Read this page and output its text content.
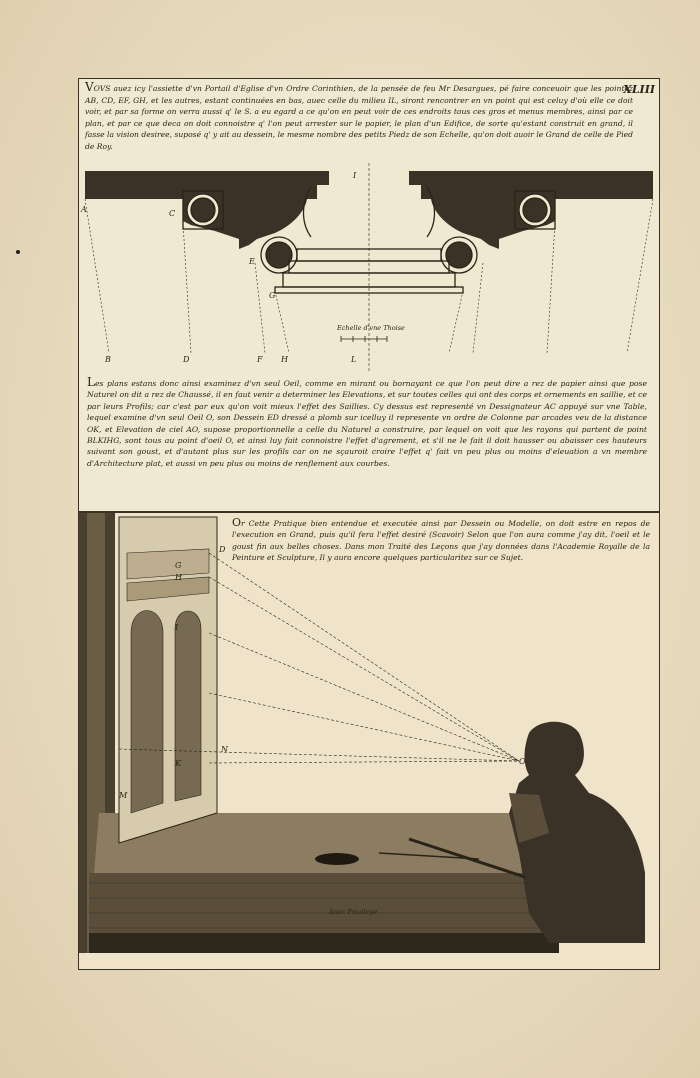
XLIII

VOVS auez icy l'assiette d'vn Portail d'Eglise d'vn Ordre Corinthien, de la pensée de feu Mr Desargues, pé faire conceuoir que les pointez AB, CD, EF, GH, et les autres, estant continuées en bas, auec celle du milieu IL, siront rencontrer en vn point qui est celuy d'où elle ce doit voir, et par sa forme on verra aussi q' le S. a eu egard a ce qu'on en peut voir de ces endroits tous ces gros et menus membres, ainsi par ce plan, et par ce que deca on doit connoistre q' l'on peut arrester sur le papier, le plan d'un Edifice, de sorte qu'estant construit en grand, il fasse la vision desiree, suposé q' y ait au dessein, le mesme nombre des petits Piedz de son Echelle, qu'on doit auoir le Grand de celle de Pied de Roy.

A	C
I
E
G
B	D	F H	L
Echelle d'vne Thoise

Les plans estans donc ainsi examinez d'vn seul Oeil, comme en mirant ou bornayant ce que l'on peut dire a rez de papier ainsi que pose Naturel on dit a rez de Chaussé, il en faut venir a determiner les Elevations, et sur toutes celles qui ont des corps et ornements en saillie, et ce par leurs Profils; car c'est par eux qu'on voit mieux l'effet des Saillies. Cy dessus est representé vn Dessignateur AC appuyé sur vne Table, lequel examine d'vn seul Oeil O, son Dessein ED dressé a plomb sur icelluy il represente vn ordre de Colonne par arcades veu de la distance OK, et Elevation de ciel AO, supose proportionnelle a celle du Naturel a construire, par lequel on voit que les rayons qui partent de point BLKIHG, sont tous au point d'oeil O, et ainsi luy fait connoistre l'effet d'agrement, et s'il ne le fait il doit hausser ou abaisser ces hauteurs suivant son goust, et d'autant plus sur les profils car on ne sçauroit croire l'effet q' fait vn peu plus ou moins d'eleuation a vn membre d'Architecture plat, et aussi vn peu plus ou moins de renflement aux courbes.

Or Cette Pratique bien entendue et executée ainsi par Dessein ou Modelle, on doit estre en repos de l'execution en Grand, puis qu'il fera l'effet desiré (Scavoir) Selon que l'on aura comme j'ay dit, l'oeil et le goust fin aux belles choses. Dans mon Traité des Leçons que j'ay données dans l'Academie Royalle de la Peinture et Sculpture, Il y aura encore quelques particularitez sur ce Sujet.

D
G
H
I
K
N
O
M
Auec Priuilege.
